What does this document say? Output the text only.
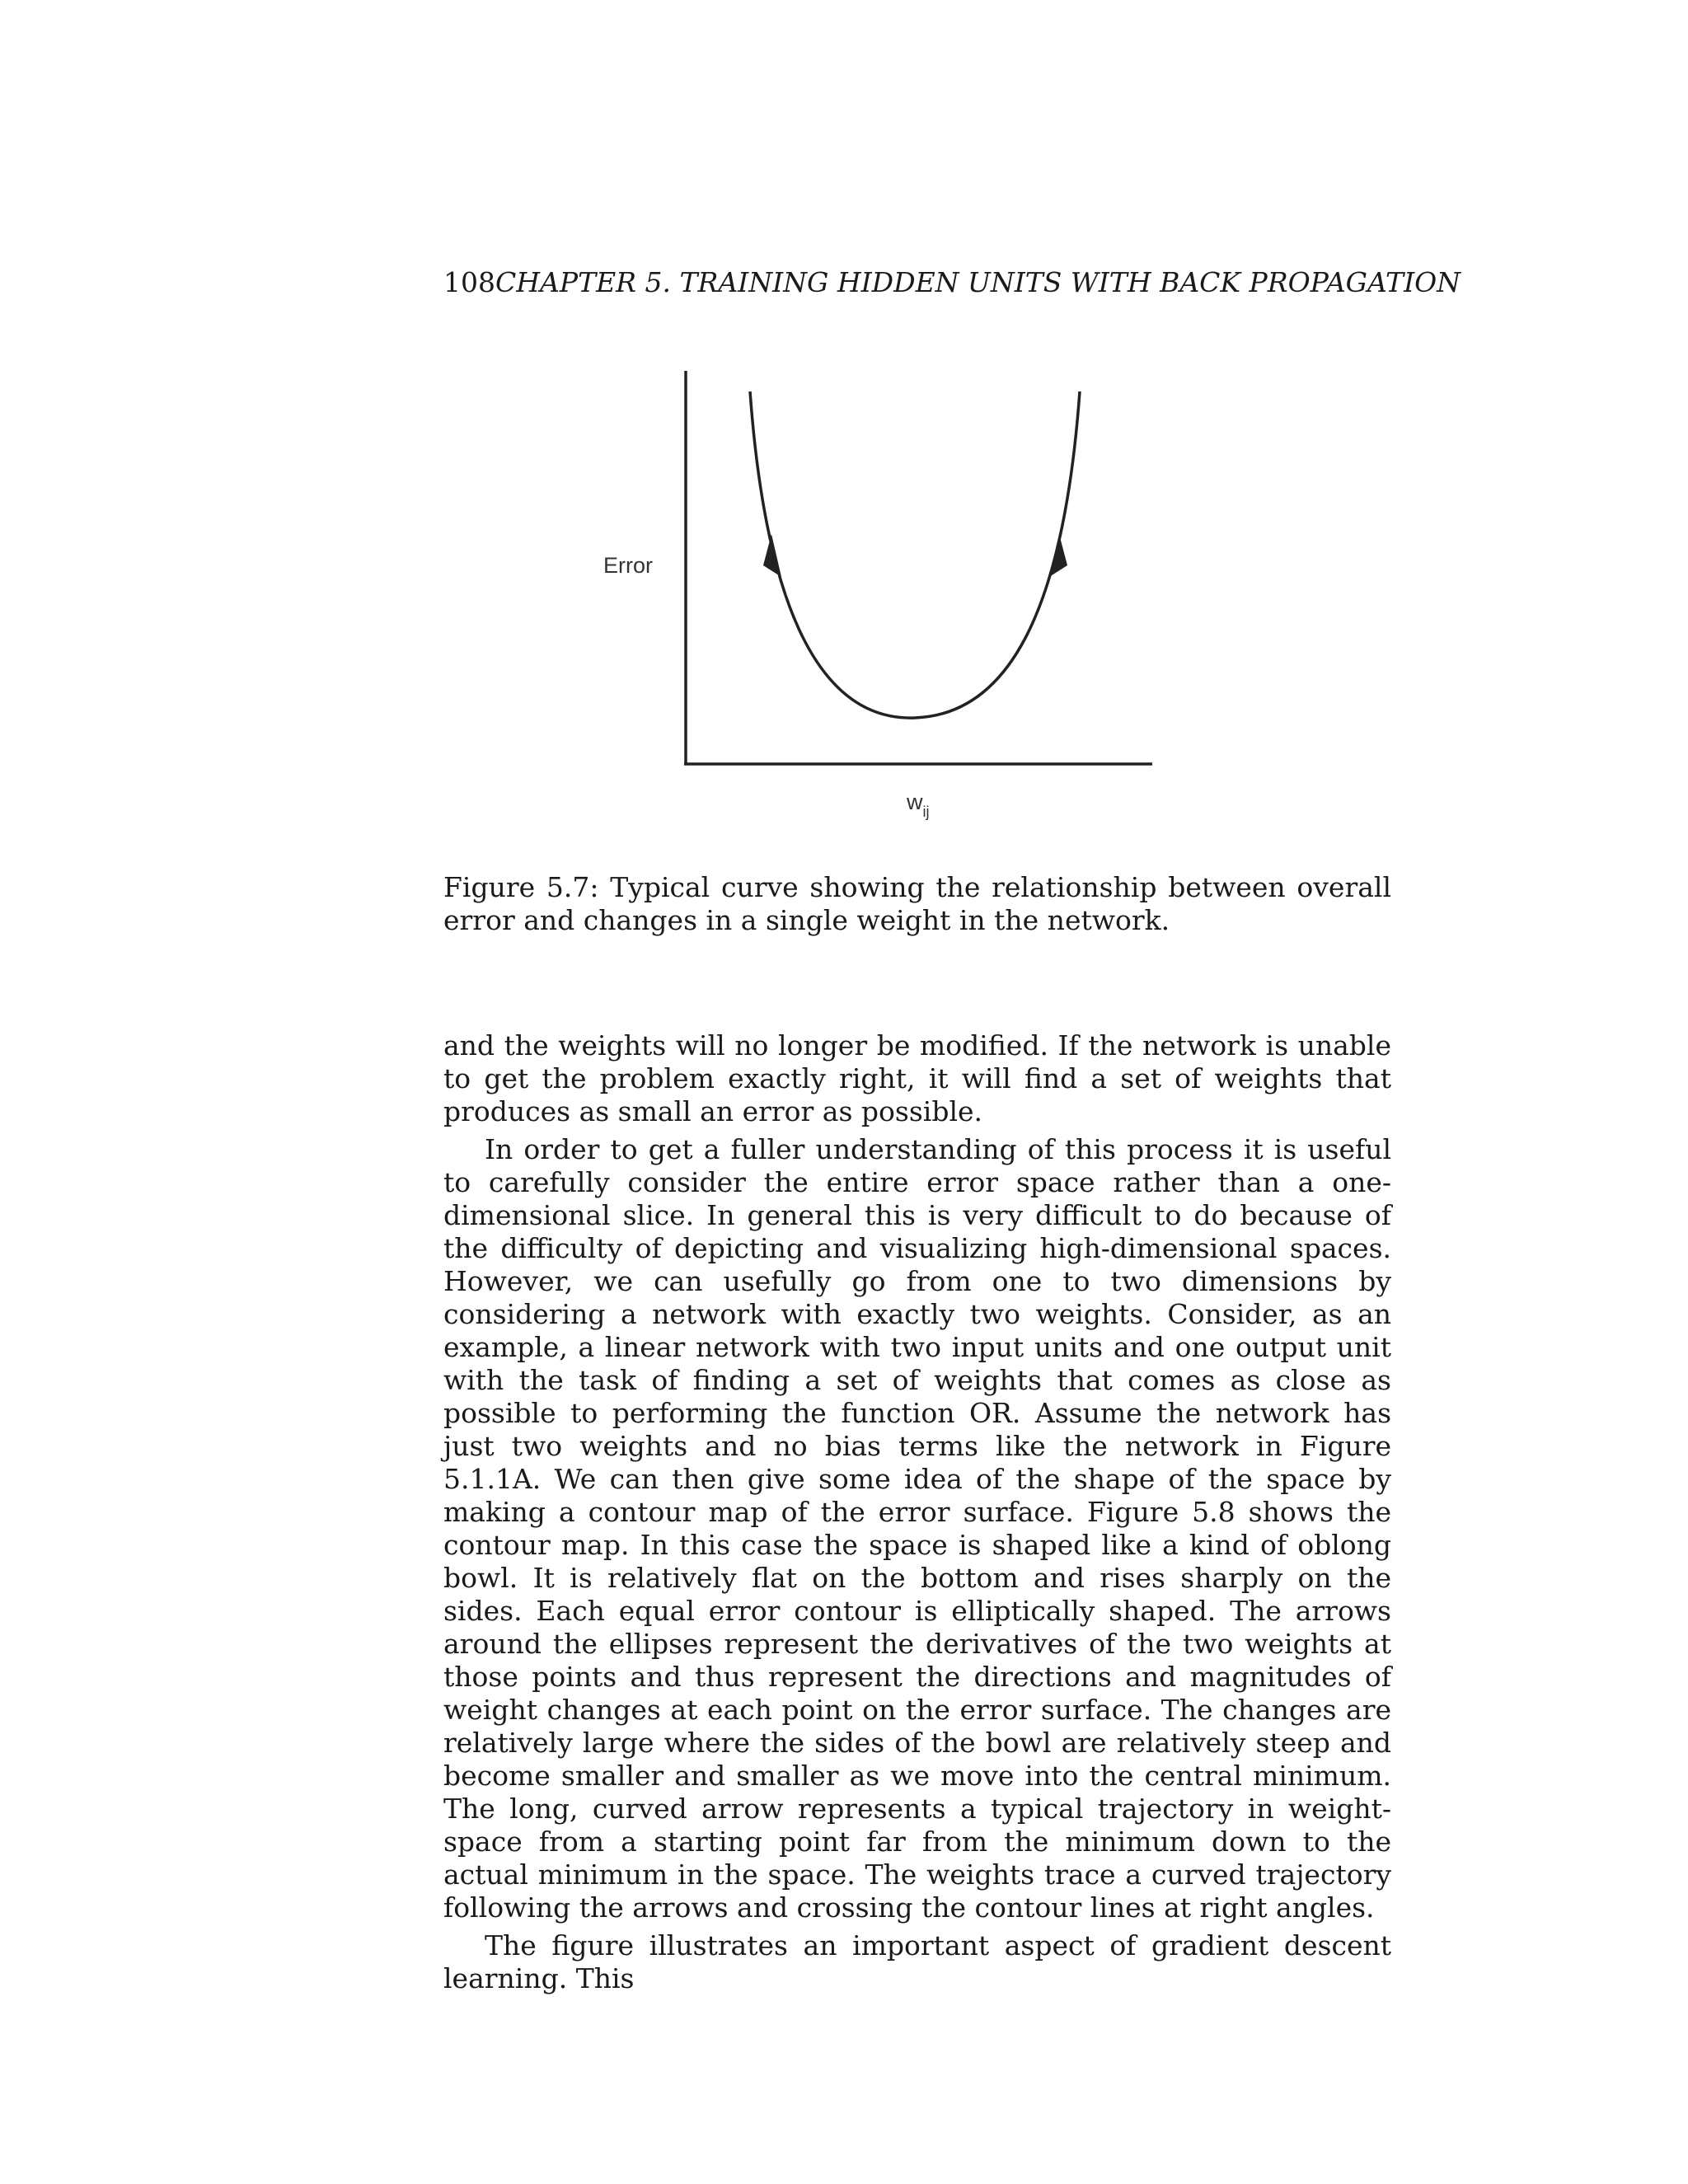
108CHAPTER 5. TRAINING HIDDEN UNITS WITH BACK PROPAGATION
Error
$w_{ij}$
Figure 5.7: Typical curve showing the relationship between overall error and changes in a single weight in the network.

and the weights will no longer be modified. If the network is unable to get the problem exactly right, it will find a set of weights that produces as small an error as possible.

In order to get a fuller understanding of this process it is useful to carefully consider the entire error space rather than a one-dimensional slice. In general this is very difficult to do because of the difficulty of depicting and visualizing high-dimensional spaces. However, we can usefully go from one to two dimensions by considering a network with exactly two weights. Consider, as an example, a linear network with two input units and one output unit with the task of finding a set of weights that comes as close as possible to performing the function OR. Assume the network has just two weights and no bias terms like the network in Figure 5.1.1A. We can then give some idea of the shape of the space by making a contour map of the error surface. Figure 5.8 shows the contour map. In this case the space is shaped like a kind of oblong bowl. It is relatively flat on the bottom and rises sharply on the sides. Each equal error contour is elliptically shaped. The arrows around the ellipses represent the derivatives of the two weights at those points and thus represent the directions and magnitudes of weight changes at each point on the error surface. The changes are relatively large where the sides of the bowl are relatively steep and become smaller and smaller as we move into the central minimum. The long, curved arrow represents a typical trajectory in weight-space from a starting point far from the minimum down to the actual minimum in the space. The weights trace a curved trajectory following the arrows and crossing the contour lines at right angles.

The figure illustrates an important aspect of gradient descent learning. This
